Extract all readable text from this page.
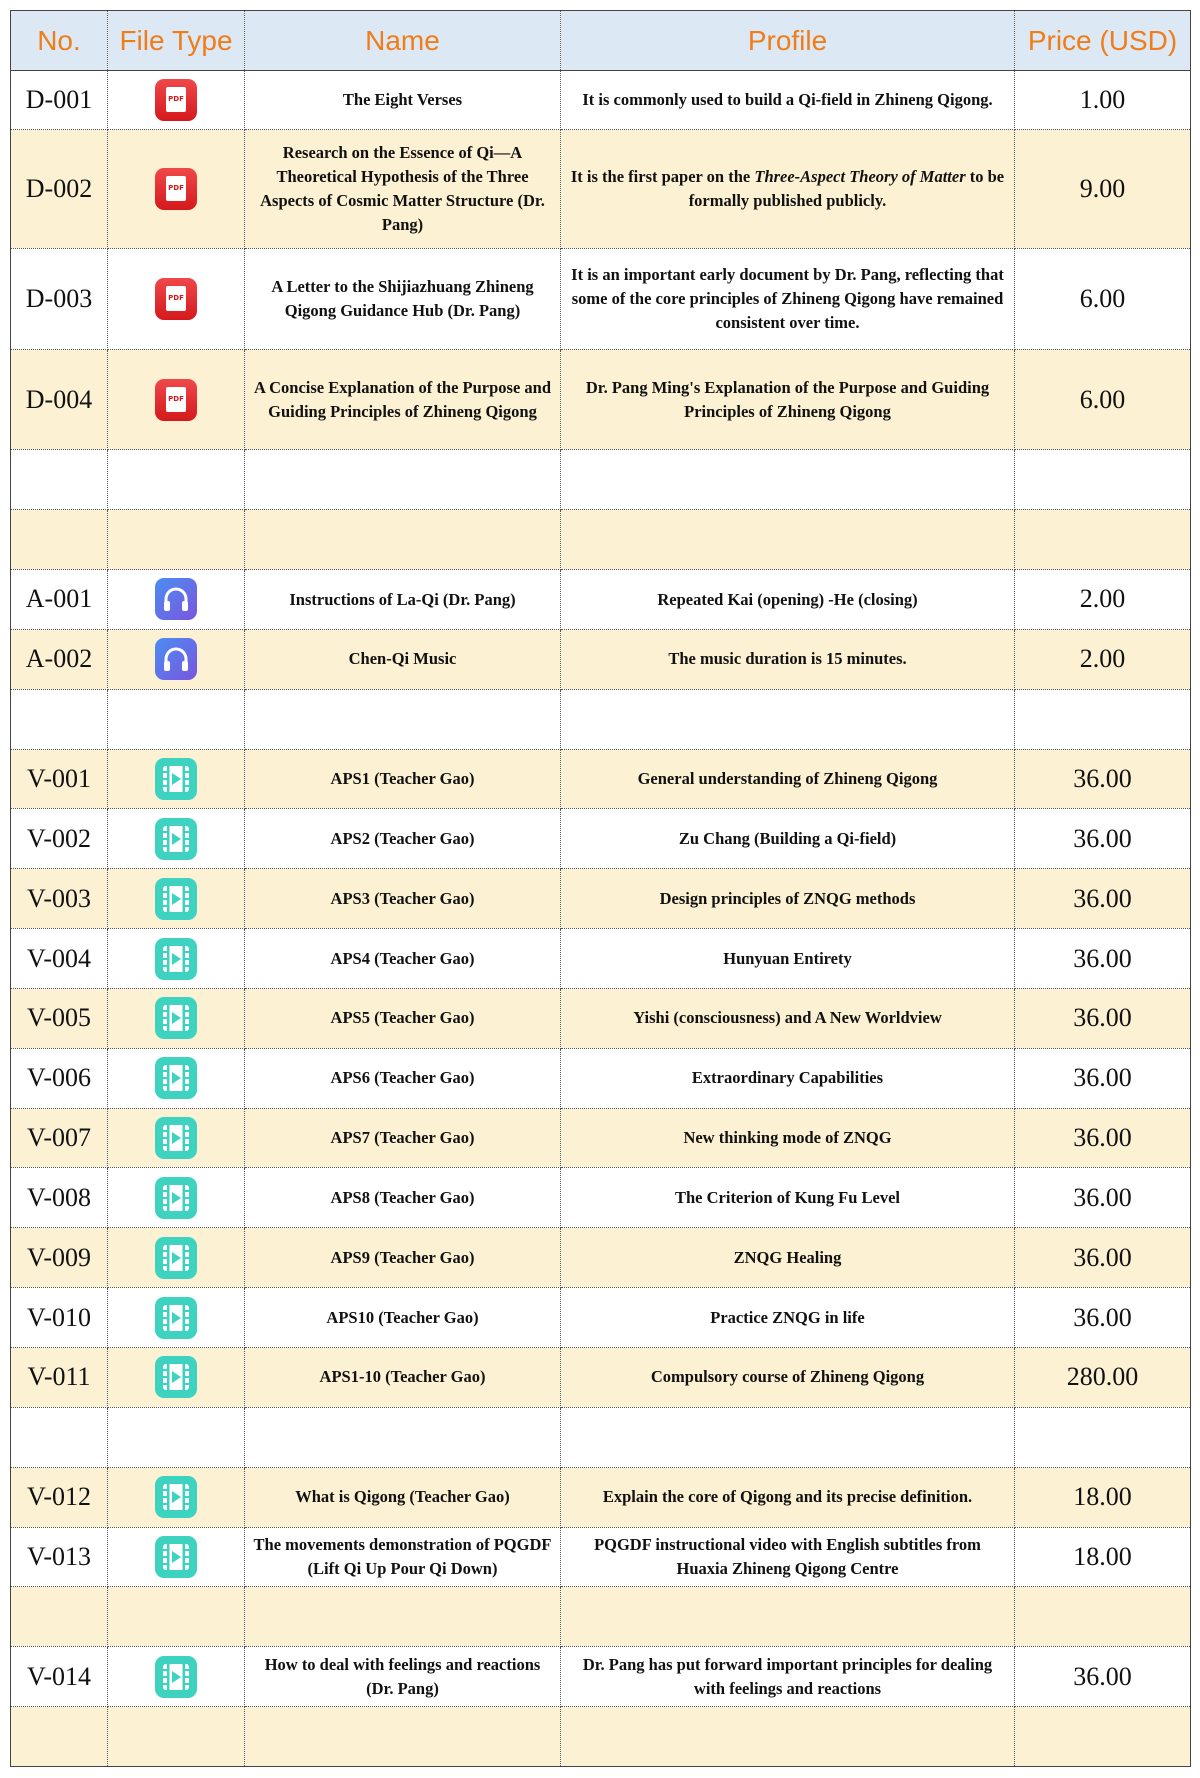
No.	File Type	Name	Profile	Price (USD)
D-001	PDF	The Eight Verses	It is commonly used to build a Qi-field in Zhineng Qigong.	1.00
D-002	PDF	Research on the Essence of Qi—A Theoretical Hypothesis of the Three Aspects of Cosmic Matter Structure (Dr. Pang)	It is the first paper on the Three-Aspect Theory of Matter to be formally published publicly.	9.00
D-003	PDF	A Letter to the Shijiazhuang Zhineng Qigong Guidance Hub (Dr. Pang)	It is an important early document by Dr. Pang, reflecting that some of the core principles of Zhineng Qigong have remained consistent over time.	6.00
D-004	PDF	A Concise Explanation of the Purpose and Guiding Principles of Zhineng Qigong	Dr. Pang Ming's Explanation of the Purpose and Guiding Principles of Zhineng Qigong	6.00

A-001		Instructions of La-Qi (Dr. Pang)	Repeated Kai (opening) -He (closing)	2.00
A-002		Chen-Qi Music	The music duration is 15 minutes.	2.00

V-001		APS1 (Teacher Gao)	General understanding of Zhineng Qigong	36.00
V-002		APS2 (Teacher Gao)	Zu Chang (Building a Qi-field)	36.00
V-003		APS3 (Teacher Gao)	Design principles of ZNQG methods	36.00
V-004		APS4 (Teacher Gao)	Hunyuan Entirety	36.00
V-005		APS5 (Teacher Gao)	Yishi (consciousness) and A New Worldview	36.00
V-006		APS6 (Teacher Gao)	Extraordinary Capabilities	36.00
V-007		APS7 (Teacher Gao)	New thinking mode of ZNQG	36.00
V-008		APS8 (Teacher Gao)	The Criterion of Kung Fu Level	36.00
V-009		APS9 (Teacher Gao)	ZNQG Healing	36.00
V-010		APS10 (Teacher Gao)	Practice ZNQG in life	36.00
V-011		APS1-10 (Teacher Gao)	Compulsory course of Zhineng Qigong	280.00

V-012		What is Qigong (Teacher Gao)	Explain the core of Qigong and its precise definition.	18.00
V-013		The movements demonstration of PQGDF (Lift Qi Up Pour Qi Down)	PQGDF instructional video with English subtitles from Huaxia Zhineng Qigong Centre	18.00

V-014		How to deal with feelings and reactions (Dr. Pang)	Dr. Pang has put forward important principles for dealing with feelings and reactions	36.00
